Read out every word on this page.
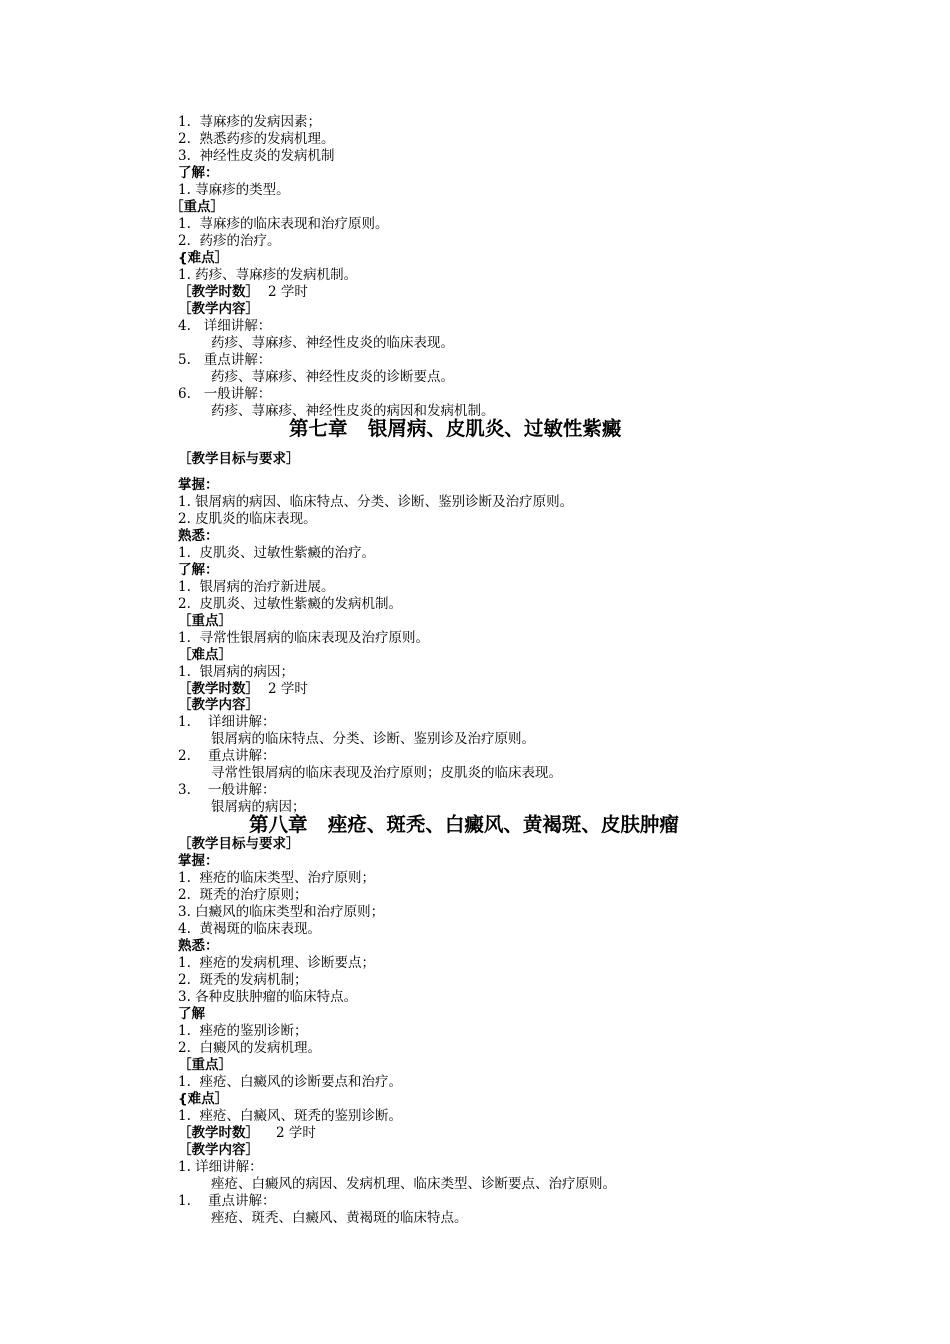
1.  荨麻疹的发病因素；

2.  熟悉药疹的发病机理。

3.  神经性皮炎的发病机制

了解：

1. 荨麻疹的类型。

［重点］

1.  荨麻疹的临床表现和治疗原则。

2.  药疹的治疗。

{难点］

1. 药疹、荨麻疹的发病机制。

［教学时数］ 2 学时

［教学内容］

4.   详细讲解：

药疹、荨麻疹、神经性皮炎的临床表现。

5.   重点讲解：

药疹、荨麻疹、神经性皮炎的诊断要点。

6.   一般讲解：

药疹、荨麻疹、神经性皮炎的病因和发病机制。

第七章   银屑病、皮肌炎、过敏性紫癜

［教学目标与要求］

掌握：

1. 银屑病的病因、临床特点、分类、诊断、鉴别诊断及治疗原则。

2. 皮肌炎的临床表现。

熟悉：

1.  皮肌炎、过敏性紫癜的治疗。

了解：

1.  银屑病的治疗新进展。

2.  皮肌炎、过敏性紫癜的发病机制。

［重点］

1.  寻常性银屑病的临床表现及治疗原则。

［难点］

1.  银屑病的病因；

［教学时数］ 2 学时

［教学内容］

1.    详细讲解：

银屑病的临床特点、分类、诊断、鉴别诊及治疗原则。

2.    重点讲解：

寻常性银屑病的临床表现及治疗原则；皮肌炎的临床表现。

3.    一般讲解：

银屑病的病因；

第八章   痤疮、斑秃、白癜风、黄褐斑、皮肤肿瘤

［教学目标与要求］

掌握：

1.  痤疮的临床类型、治疗原则；

2.  斑秃的治疗原则；

3. 白癜风的临床类型和治疗原则；

4.  黄褐斑的临床表现。

熟悉：

1.  痤疮的发病机理、诊断要点；

2.  斑秃的发病机制；

3. 各种皮肤肿瘤的临床特点。

了解

1.  痤疮的鉴别诊断；

2.  白癜风的发病机理。

［重点］

1.  痤疮、白癜风的诊断要点和治疗。

{难点］

1.  痤疮、白癜风、斑秃的鉴别诊断。

［教学时数］ 2 学时

［教学内容］

1. 详细讲解：

痤疮、白癜风的病因、发病机理、临床类型、诊断要点、治疗原则。

1.    重点讲解：

痤疮、斑秃、白癜风、黄褐斑的临床特点。
